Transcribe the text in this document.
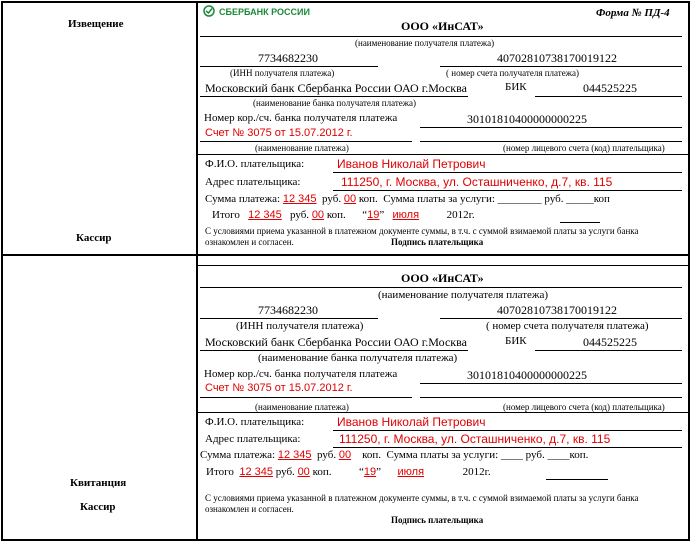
Извещение
Кассир
Квитанция
Кассир
СБЕРБАНК РОССИИ	Форма № ПД-4
ООО «ИнСАТ»
(наименование получателя платежа)
7734682230	40702810738170019122
(ИНН получателя платежа)	( номер счета получателя платежа)
Московский банк Сбербанка России ОАО г.Москва	БИК	044525225
(наименование банка получателя платежа)
Номер кор./сч. банка получателя платежа	30101810400000000225
Счет № 3075 от 15.07.2012 г.
(наименование платежа)	(номер лицевого счета (код) плательщика)
Ф.И.О. плательщика:	Иванов Николай Петрович
Адрес плательщика:	111250, г. Москва, ул. Осташниченко, д.7, кв. 115
Сумма платежа: 12 345 руб. 00 коп. Сумма платы за услуги: ________ руб. _____коп
Итого 12 345 руб. 00 коп.      “19”   июля	2012г.
С условиями приема указанной в платежном документе суммы, в т.ч. с суммой взимаемой платы за услуги банка
ознакомлен и согласен.	Подпись плательщика
ООО «ИнСАТ»
(наименование получателя платежа)
7734682230	40702810738170019122
(ИНН получателя платежа)	( номер счета получателя платежа)
Московский банк Сбербанка России ОАО г.Москва	БИК	044525225
(наименование банка получателя платежа)
Номер кор./сч. банка получателя платежа	30101810400000000225
Счет № 3075 от 15.07.2012 г.
(наименование платежа)	(номер лицевого счета (код) плательщика)
Ф.И.О. плательщика:	Иванов Николай Петрович
Адрес плательщика:	111250, г. Москва, ул. Осташниченко, д.7, кв. 115
Сумма платежа: 12 345 руб. 00 коп. Сумма платы за услуги: ____ руб. ____коп.
Итого 12 345 руб. 00 коп.          “19”      июля	2012г.
С условиями приема указанной в платежном документе суммы, в т.ч. с суммой взимаемой платы за услуги банка
ознакомлен и согласен.
Подпись плательщика
